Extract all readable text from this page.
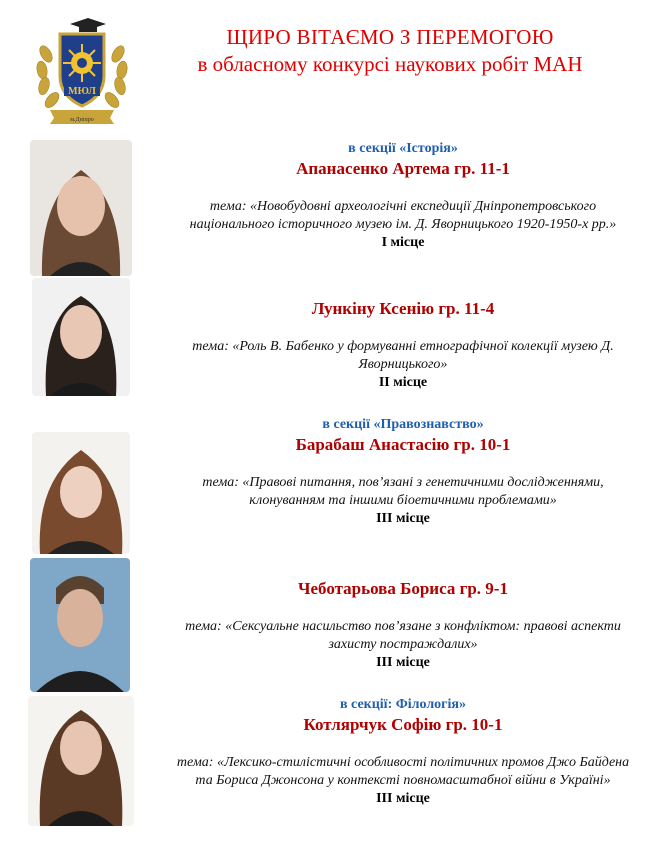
МЮЛ
м.Дніпро
ЩИРО ВІТАЄМО З ПЕРЕМОГОЮ
в обласному конкурсі наукових робіт МАН
в секції «Історія»
Апанасенко Артема гр. 11-1
тема: «Новобудовні археологічні експедиції Дніпропетровського національного історичного музею ім. Д. Яворницького 1920-1950-х рр.»
І місце
Лункіну Ксенію гр. 11-4
тема: «Роль В. Бабенко у формуванні етнографічної колекції музею Д. Яворницького»
ІІ місце
в секції «Правознавство»
Барабаш Анастасію гр. 10-1
тема: «Правові питання, пов’язані з генетичними дослідженнями, клонуванням та іншими біоетичними проблемами»
ІІІ місце
Чеботарьова Бориса гр. 9-1
тема: «Сексуальне насильство пов’язане з конфліктом: правові аспекти захисту постраждалих»
ІІІ місце
в секції: Філологія»
Котлярчук Софію гр. 10-1
тема: «Лексико-стилістичні особливості політичних промов Джо Байдена та Бориса Джонсона у контексті повномасштабної війни в Україні»
ІІІ місце
